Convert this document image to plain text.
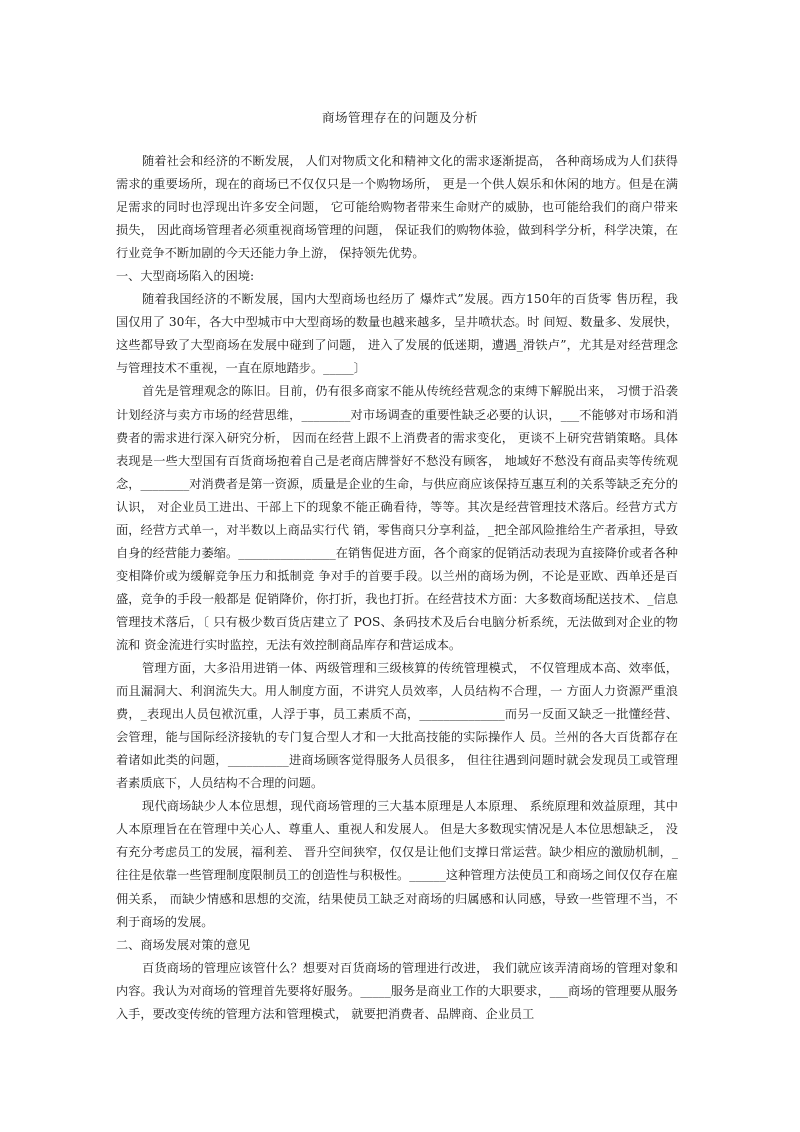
商场管理存在的问题及分析

随着社会和经济的不断发展， 人们对物质文化和精神文化的需求逐渐提高， 各种商场成为人们获得需求的重要场所，现在的商场已不仅仅只是一个购物场所， 更是一个供人娱乐和休闲的地方。但是在满足需求的同时也浮现出许多安全问题， 它可能给购物者带来生命财产的威胁，也可能给我们的商户带来损失， 因此商场管理者必须重视商场管理的问题， 保证我们的购物体验，做到科学分析，科学决策，在行业竞争不断加剧的今天还能力争上游， 保持领先优势。

一、大型商场陷入的困境:

随着我国经济的不断发展，国内大型商场也经历了 爆炸式”发展。西方150年的百货零 售历程，我国仅用了 30年，各大中型城市中大型商场的数量也越来越多，呈井喷状态。时 间短、数量多、发展快，这些都导致了大型商场在发展中碰到了问题， 进入了发展的低迷期，遭遇_滑铁卢”，尤其是对经营理念与管理技术不重视，一直在原地踏步。_____〕

首先是管理观念的陈旧。目前，仍有很多商家不能从传统经营观念的束缚下解脱出来， 习惯于沿袭计划经济与卖方市场的经营思维，________对市场调查的重要性缺乏必要的认识，___不能够对市场和消费者的需求进行深入研究分析， 因而在经营上跟不上消费者的需求变化， 更谈不上研究营销策略。具体表现是一些大型国有百货商场抱着自己是老商店牌誉好不愁没有顾客， 地域好不愁没有商品卖等传统观念，________对消费者是第一资源，质量是企业的生命，与供应商应该保持互惠互利的关系等缺乏充分的认识， 对企业员工进出、干部上下的现象不能正确看待，等等。其次是经营管理技术落后。经营方式方面，经营方式单一，对半数以上商品实行代 销，零售商只分享利益，_把全部风险推给生产者承担，导致自身的经营能力萎缩。________________在销售促进方面，各个商家的促销活动表现为直接降价或者各种变相降价或为缓解竞争压力和抵制竞 争对手的首要手段。以兰州的商场为例，不论是亚欧、西单还是百盛，竞争的手段一般都是 促销降价，你打折，我也打折。在经营技术方面：大多数商场配送技术、_信息管理技术落后，〔 只有极少数百货店建立了 POS、条码技术及后台电脑分析系统，无法做到对企业的物流和 资金流进行实时监控，无法有效控制商品库存和营运成本。

管理方面，大多沿用进销一体、两级管理和三级核算的传统管理模式， 不仅管理成本高、效率低，而且漏洞大、利润流失大。用人制度方面，不讲究人员效率，人员结构不合理，一 方面人力资源严重浪费，_表现出人员包袱沉重，人浮于事，员工素质不高，______________而另一反面又缺乏一批懂经营、会管理，能与国际经济接轨的专门复合型人才和一大批高技能的实际操作人 员。兰州的各大百货都存在着诸如此类的问题，__________进商场顾客觉得服务人员很多， 但往往遇到问题时就会发现员工或管理者素质底下，人员结构不合理的问题。

现代商场缺少人本位思想，现代商场管理的三大基本原理是人本原理、 系统原理和效益原理，其中人本原理旨在在管理中关心人、尊重人、重视人和发展人。 但是大多数现实情况是人本位思想缺乏， 没有充分考虑员工的发展，福利差、 晋升空间狭窄，仅仅是让他们支撑日常运营。缺少相应的激励机制，_往往是依靠一些管理制度限制员工的创造性与积极性。______这种管理方法使员工和商场之间仅仅存在雇佣关系， 而缺少情感和思想的交流，结果使员工缺乏对商场的归属感和认同感，导致一些管理不当，不利于商场的发展。

二、商场发展对策的意见

百货商场的管理应该管什么？想要对百货商场的管理进行改进， 我们就应该弄清商场的管理对象和内容。我认为对商场的管理首先要将好服务。_____服务是商业工作的大职要求，___商场的管理要从服务入手，要改变传统的管理方法和管理模式， 就要把消费者、品牌商、企业员工
